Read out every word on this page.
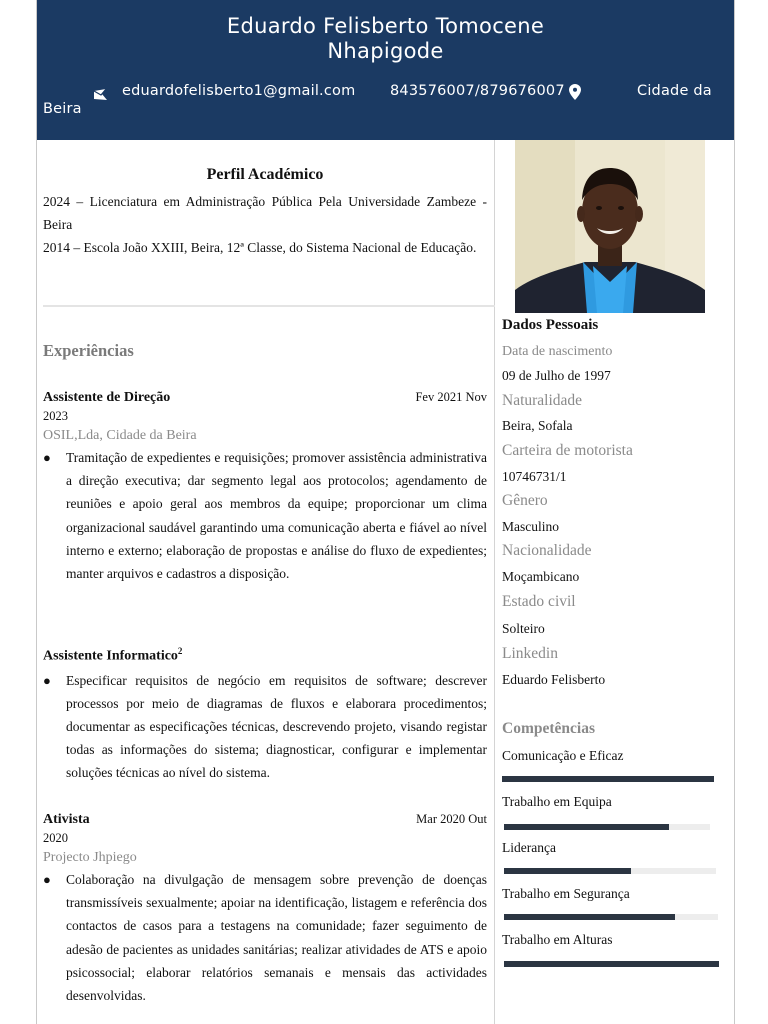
Eduardo Felisberto Tomocene
Nhapigode
eduardofelisberto1@gmail.com 843576007/879676007	Cidade da
Beira
Perfil Académico
2024 – Licenciatura em Administração Pública Pela Universidade Zambeze - Beira
2014 – Escola João XXIII, Beira, 12ª Classe, do Sistema Nacional de Educação.
Experiências
Assistente de Direção	Fev 2021 Nov
2023
OSIL,Lda, Cidade da Beira
● Tramitação de expedientes e requisições; promover assistência administrativa a direção executiva; dar segmento legal aos protocolos; agendamento de reuniões e apoio geral aos membros da equipe; proporcionar um clima organizacional saudável garantindo uma comunicação aberta e fiável ao nível interno e externo; elaboração de propostas e análise do fluxo de expedientes; manter arquivos e cadastros a disposição.
Assistente Informatico$^2$
● Especificar requisitos de negócio em requisitos de software; descrever processos por meio de diagramas de fluxos e elaborara procedimentos; documentar as especificações técnicas, descrevendo projeto, visando registar todas as informações do sistema; diagnosticar, configurar e implementar soluções técnicas ao nível do sistema.
Ativista	Mar 2020 Out
2020
Projecto Jhpiego
● Colaboração na divulgação de mensagem sobre prevenção de doenças transmissíveis sexualmente; apoiar na identificação, listagem e referência dos contactos de casos para a testagens na comunidade; fazer seguimento de adesão de pacientes as unidades sanitárias; realizar atividades de ATS e apoio psicossocial; elaborar relatórios semanais e mensais das actividades desenvolvidas.
Dados Pessoais
Data de nascimento
09 de Julho de 1997
Naturalidade
Beira, Sofala
Carteira de motorista
10746731/1
Gênero
Masculino
Nacionalidade
Moçambicano
Estado civil
Solteiro
Linkedin
Eduardo Felisberto
Competências
Comunicação e Eficaz
Trabalho em Equipa
Liderança
Trabalho em Segurança
Trabalho em Alturas
